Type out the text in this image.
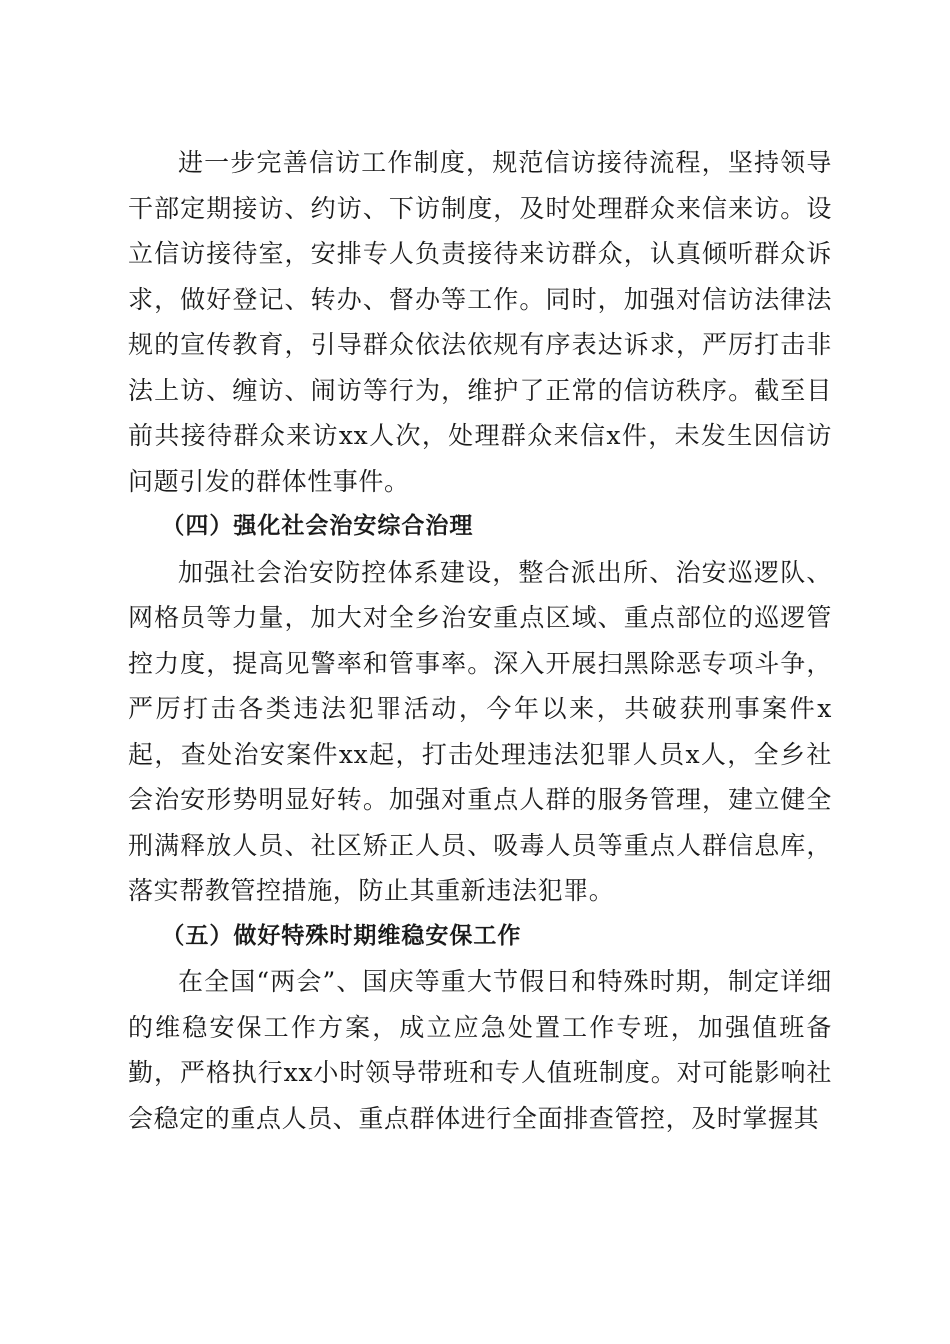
进一步完善信访工作制度，规范信访接待流程，坚持领导干部定期接访、约访、下访制度，及时处理群众来信来访。设立信访接待室，安排专人负责接待来访群众，认真倾听群众诉求，做好登记、转办、督办等工作。同时，加强对信访法律法规的宣传教育，引导群众依法依规有序表达诉求，严厉打击非法上访、缠访、闹访等行为，维护了正常的信访秩序。截至目前共接待群众来访xx人次，处理群众来信x件，未发生因信访问题引发的群体性事件。

（四）强化社会治安综合治理

加强社会治安防控体系建设，整合派出所、治安巡逻队、网格员等力量，加大对全乡治安重点区域、重点部位的巡逻管控力度，提高见警率和管事率。深入开展扫黑除恶专项斗争，严厉打击各类违法犯罪活动，今年以来，共破获刑事案件x起，查处治安案件xx起，打击处理违法犯罪人员x人，全乡社会治安形势明显好转。加强对重点人群的服务管理，建立健全刑满释放人员、社区矫正人员、吸毒人员等重点人群信息库，落实帮教管控措施，防止其重新违法犯罪。

（五）做好特殊时期维稳安保工作

在全国“两会”、国庆等重大节假日和特殊时期，制定详细的维稳安保工作方案，成立应急处置工作专班，加强值班备勤，严格执行xx小时领导带班和专人值班制度。对可能影响社会稳定的重点人员、重点群体进行全面排查管控，及时掌握其
